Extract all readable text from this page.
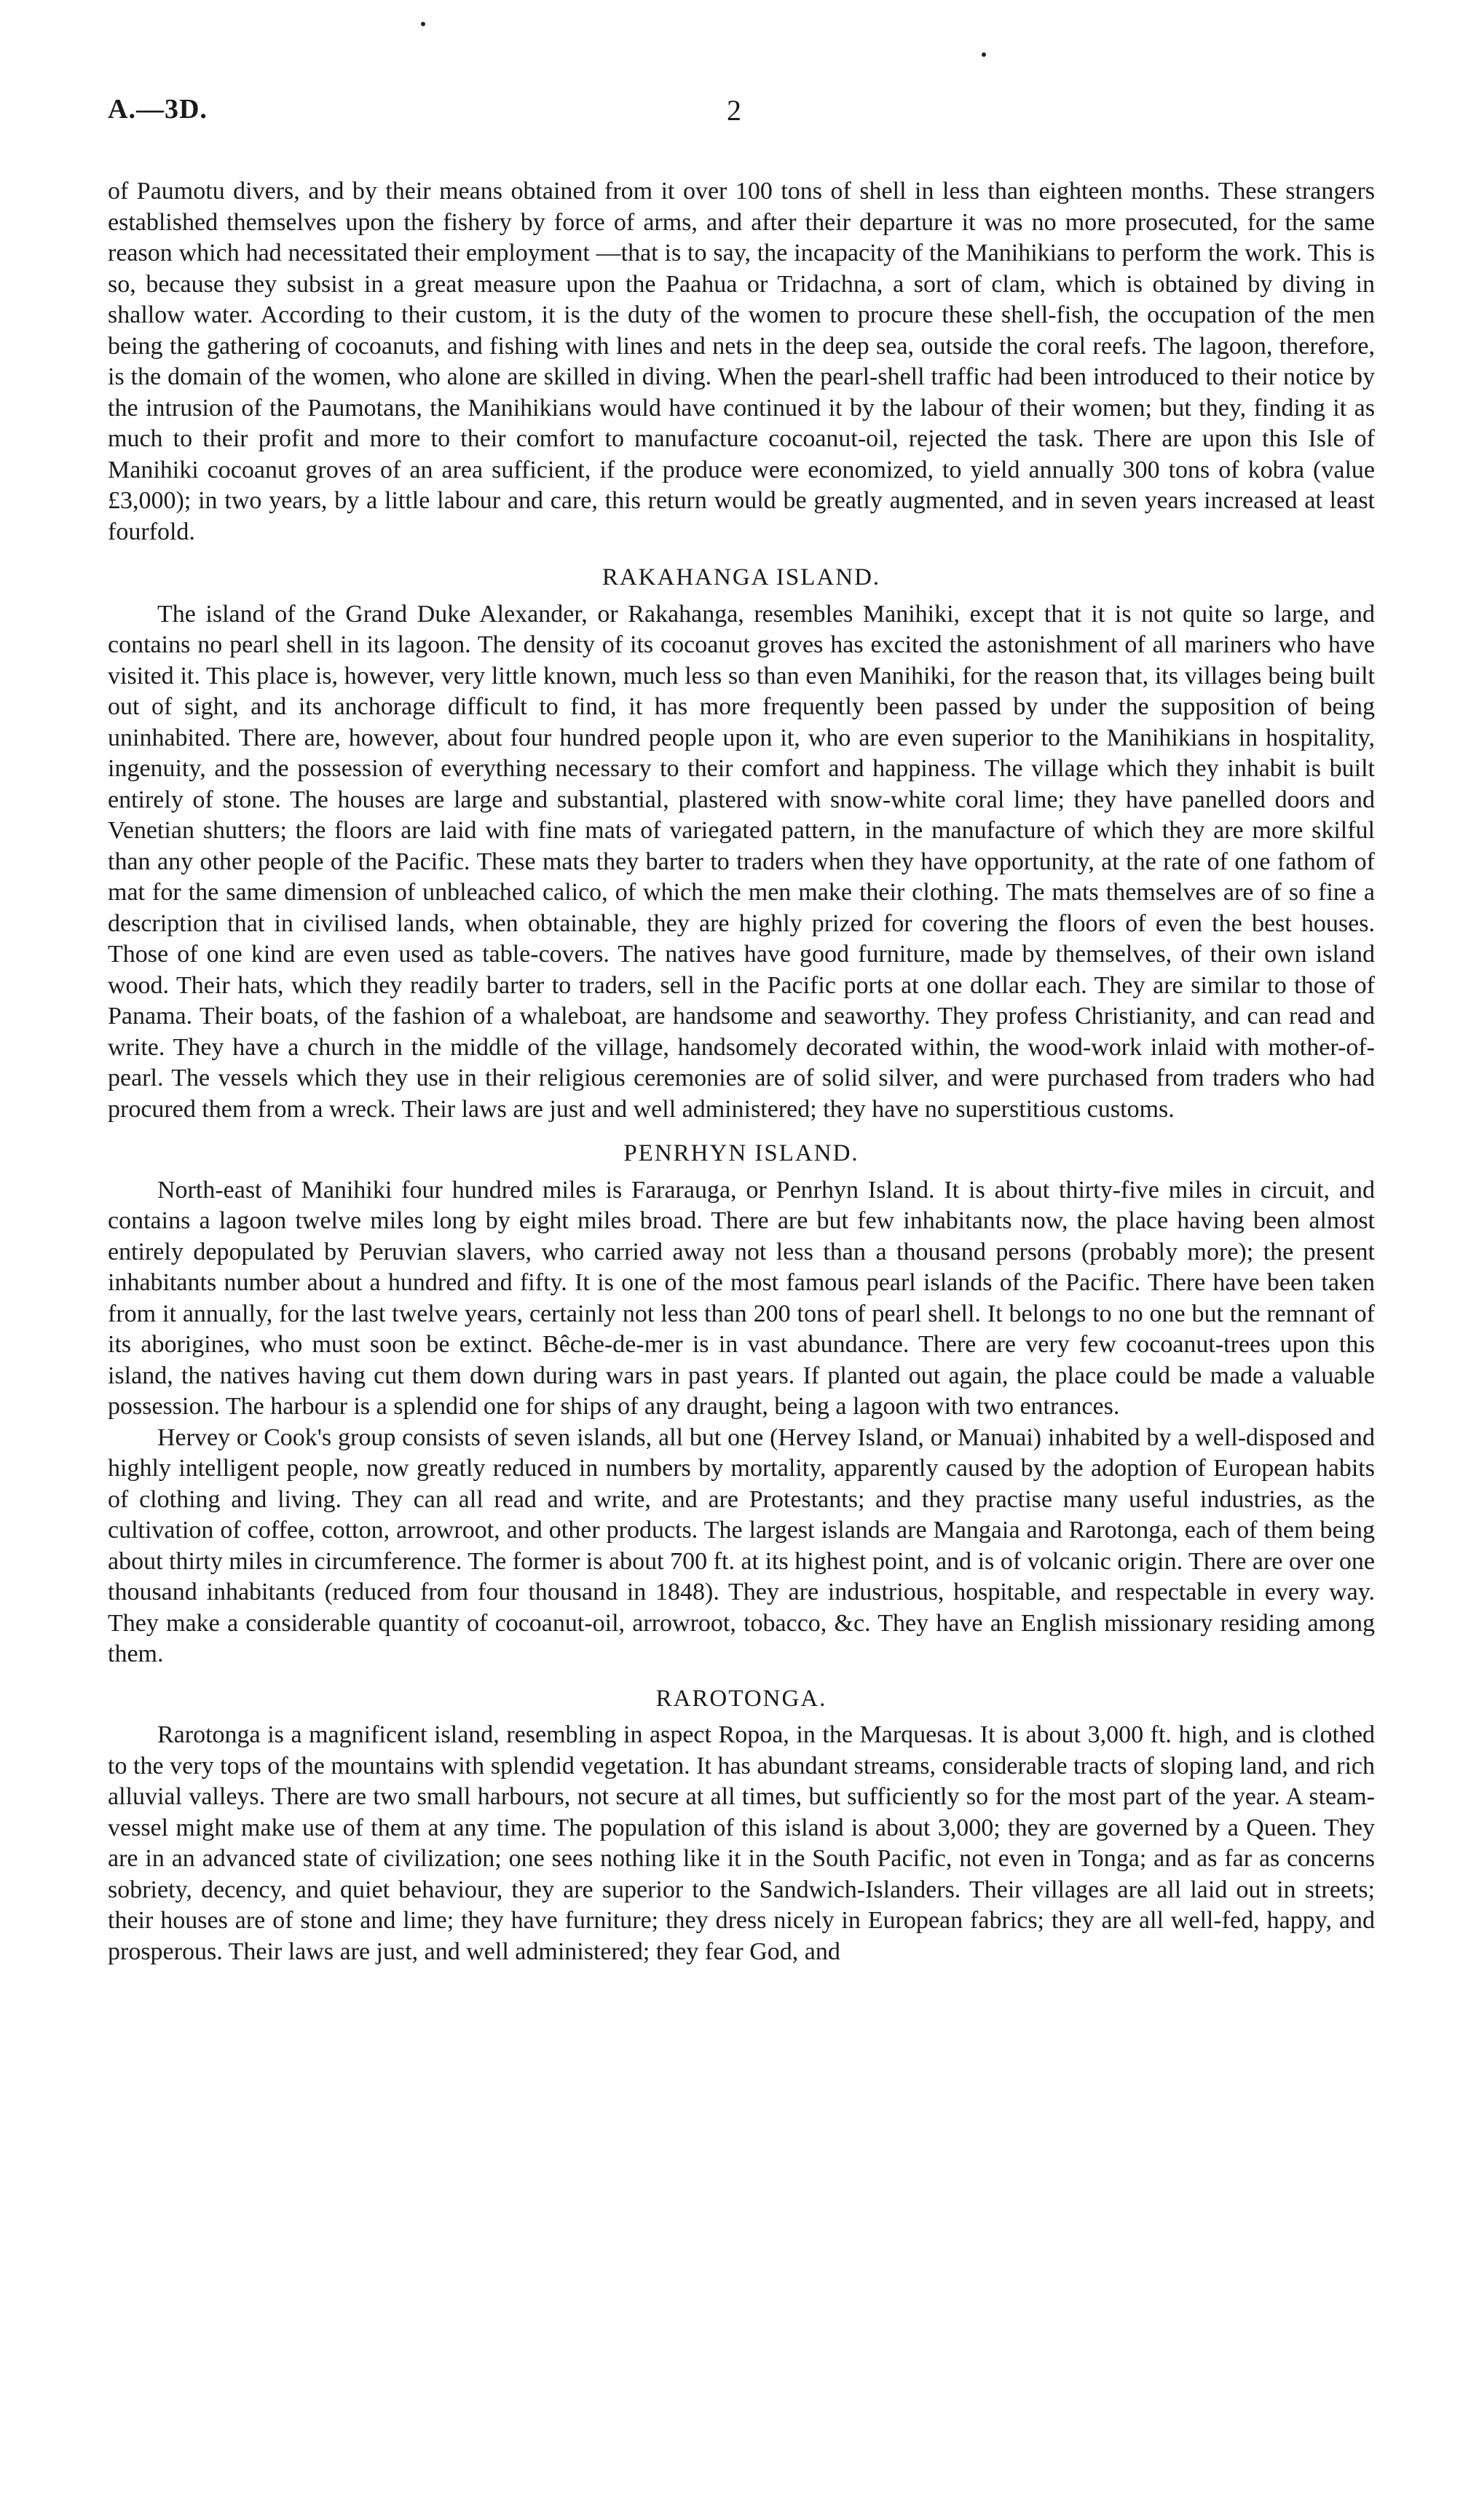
A.—3D.	2

of Paumotu divers, and by their means obtained from it over 100 tons of shell in less than eighteen months. These strangers established themselves upon the fishery by force of arms, and after their departure it was no more prosecuted, for the same reason which had necessitated their employment —that is to say, the incapacity of the Manihikians to perform the work. This is so, because they subsist in a great measure upon the Paahua or Tridachna, a sort of clam, which is obtained by diving in shallow water. According to their custom, it is the duty of the women to procure these shell-fish, the occupation of the men being the gathering of cocoanuts, and fishing with lines and nets in the deep sea, outside the coral reefs. The lagoon, therefore, is the domain of the women, who alone are skilled in diving. When the pearl-shell traffic had been introduced to their notice by the intrusion of the Paumotans, the Manihikians would have continued it by the labour of their women; but they, finding it as much to their profit and more to their comfort to manufacture cocoanut-oil, rejected the task. There are upon this Isle of Manihiki cocoanut groves of an area sufficient, if the produce were economized, to yield annually 300 tons of kobra (value £3,000); in two years, by a little labour and care, this return would be greatly augmented, and in seven years increased at least fourfold.

RAKAHANGA ISLAND.

The island of the Grand Duke Alexander, or Rakahanga, resembles Manihiki, except that it is not quite so large, and contains no pearl shell in its lagoon. The density of its cocoanut groves has excited the astonishment of all mariners who have visited it. This place is, however, very little known, much less so than even Manihiki, for the reason that, its villages being built out of sight, and its anchorage difficult to find, it has more frequently been passed by under the supposition of being uninhabited. There are, however, about four hundred people upon it, who are even superior to the Manihikians in hospitality, ingenuity, and the possession of everything necessary to their comfort and happiness. The village which they inhabit is built entirely of stone. The houses are large and substantial, plastered with snow-white coral lime; they have panelled doors and Venetian shutters; the floors are laid with fine mats of variegated pattern, in the manufacture of which they are more skilful than any other people of the Pacific. These mats they barter to traders when they have opportunity, at the rate of one fathom of mat for the same dimension of unbleached calico, of which the men make their clothing. The mats themselves are of so fine a description that in civilised lands, when obtainable, they are highly prized for covering the floors of even the best houses. Those of one kind are even used as table-covers. The natives have good furniture, made by themselves, of their own island wood. Their hats, which they readily barter to traders, sell in the Pacific ports at one dollar each. They are similar to those of Panama. Their boats, of the fashion of a whaleboat, are handsome and seaworthy. They profess Christianity, and can read and write. They have a church in the middle of the village, handsomely decorated within, the wood-work inlaid with mother-of-pearl. The vessels which they use in their religious ceremonies are of solid silver, and were purchased from traders who had procured them from a wreck. Their laws are just and well administered; they have no superstitious customs.

PENRHYN ISLAND.

North-east of Manihiki four hundred miles is Fararauga, or Penrhyn Island. It is about thirty-five miles in circuit, and contains a lagoon twelve miles long by eight miles broad. There are but few inhabitants now, the place having been almost entirely depopulated by Peruvian slavers, who carried away not less than a thousand persons (probably more); the present inhabitants number about a hundred and fifty. It is one of the most famous pearl islands of the Pacific. There have been taken from it annually, for the last twelve years, certainly not less than 200 tons of pearl shell. It belongs to no one but the remnant of its aborigines, who must soon be extinct. Bêche-de-mer is in vast abundance. There are very few cocoanut-trees upon this island, the natives having cut them down during wars in past years. If planted out again, the place could be made a valuable possession. The harbour is a splendid one for ships of any draught, being a lagoon with two entrances.

Hervey or Cook's group consists of seven islands, all but one (Hervey Island, or Manuai) inhabited by a well-disposed and highly intelligent people, now greatly reduced in numbers by mortality, apparently caused by the adoption of European habits of clothing and living. They can all read and write, and are Protestants; and they practise many useful industries, as the cultivation of coffee, cotton, arrowroot, and other products. The largest islands are Mangaia and Rarotonga, each of them being about thirty miles in circumference. The former is about 700 ft. at its highest point, and is of volcanic origin. There are over one thousand inhabitants (reduced from four thousand in 1848). They are industrious, hospitable, and respectable in every way. They make a considerable quantity of cocoanut-oil, arrowroot, tobacco, &c. They have an English missionary residing among them.

RAROTONGA.

Rarotonga is a magnificent island, resembling in aspect Ropoa, in the Marquesas. It is about 3,000 ft. high, and is clothed to the very tops of the mountains with splendid vegetation. It has abundant streams, considerable tracts of sloping land, and rich alluvial valleys. There are two small harbours, not secure at all times, but sufficiently so for the most part of the year. A steam-vessel might make use of them at any time. The population of this island is about 3,000; they are governed by a Queen. They are in an advanced state of civilization; one sees nothing like it in the South Pacific, not even in Tonga; and as far as concerns sobriety, decency, and quiet behaviour, they are superior to the Sandwich-Islanders. Their villages are all laid out in streets; their houses are of stone and lime; they have furniture; they dress nicely in European fabrics; they are all well-fed, happy, and prosperous. Their laws are just, and well administered; they fear God, and
